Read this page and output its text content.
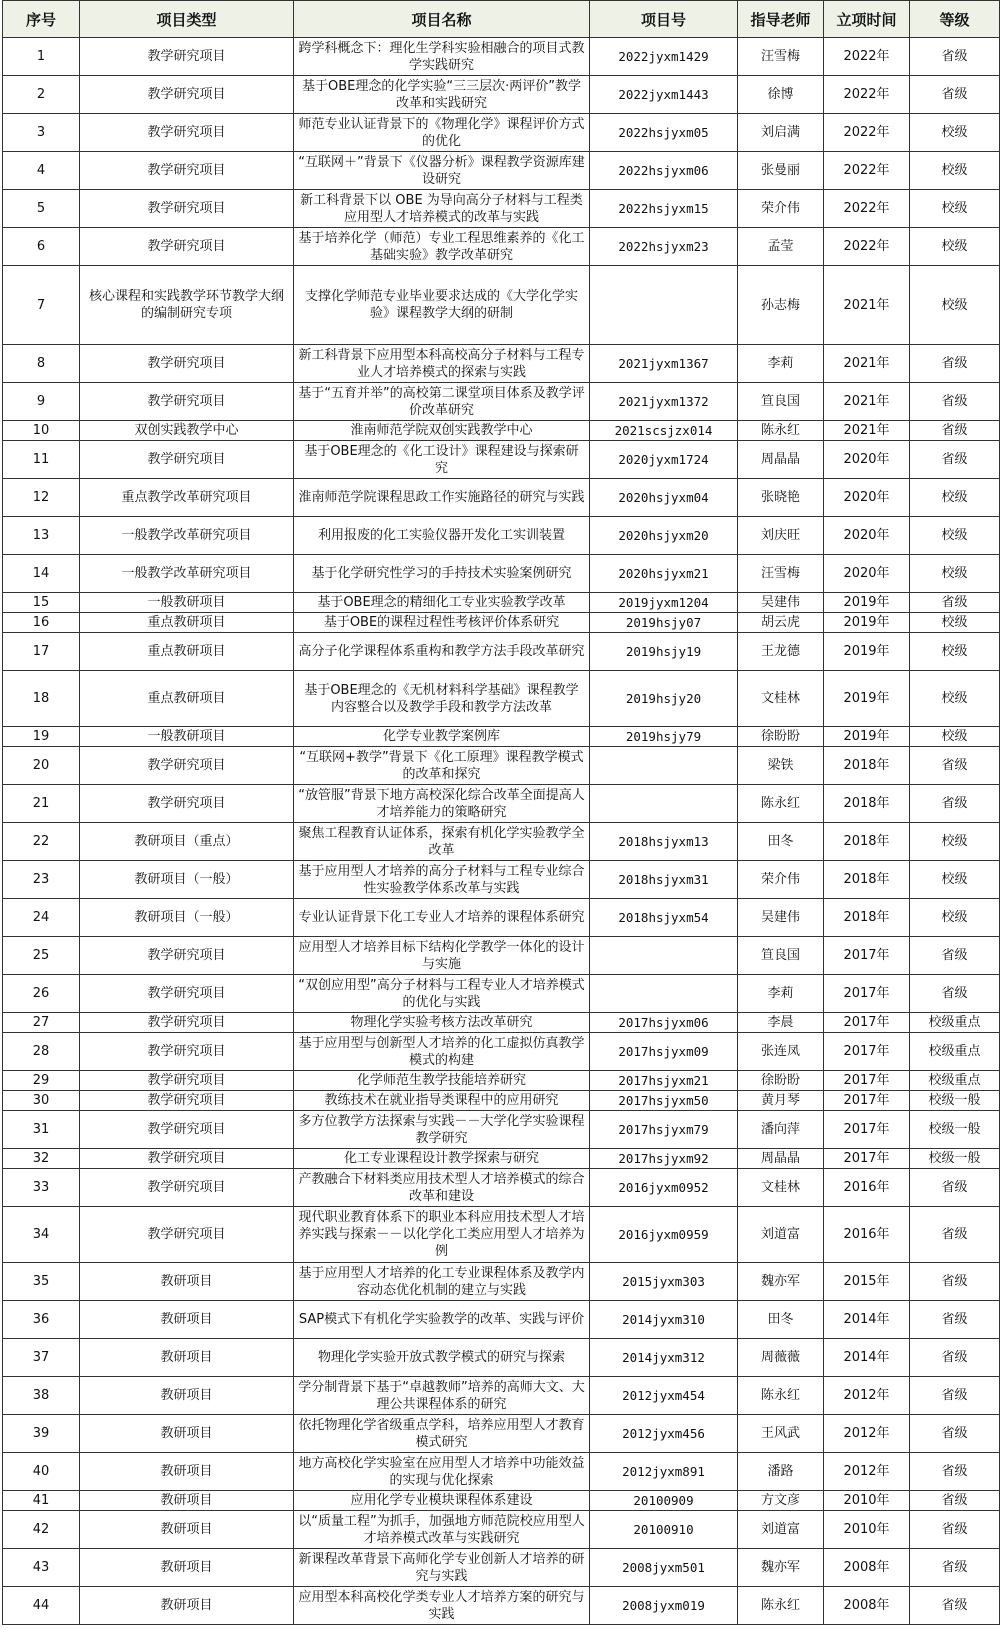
序号	项目类型	项目名称	项目号	指导老师	立项时间	等级
1	教学研究项目	跨学科概念下：理化生学科实验相融合的项目式教学实践研究	2022jyxm1429	汪雪梅	2022年	省级
2	教学研究项目	基于OBE理念的化学实验“三三层次·两评价”教学改革和实践研究	2022jyxm1443	徐博	2022年	省级
3	教学研究项目	师范专业认证背景下的《物理化学》课程评价方式的优化	2022hsjyxm05	刘启满	2022年	校级
4	教学研究项目	“互联网＋”背景下《仪器分析》课程教学资源库建设研究	2022hsjyxm06	张曼丽	2022年	校级
5	教学研究项目	新工科背景下以 OBE 为导向高分子材料与工程类应用型人才培养模式的改革与实践	2022hsjyxm15	荣介伟	2022年	校级
6	教学研究项目	基于培养化学（师范）专业工程思维素养的《化工基础实验》教学改革研究	2022hsjyxm23	孟莹	2022年	校级
7	核心课程和实践教学环节教学大纲的编制研究专项	支撑化学师范专业毕业要求达成的《大学化学实验》课程教学大纲的研制		孙志梅	2021年	校级
8	教学研究项目	新工科背景下应用型本科高校高分子材料与工程专业人才培养模式的探索与实践	2021jyxm1367	李莉	2021年	省级
9	教学研究项目	基于“五育并举”的高校第二课堂项目体系及教学评价改革研究	2021jyxm1372	笪良国	2021年	省级
10	双创实践教学中心	淮南师范学院双创实践教学中心	2021scsjzx014	陈永红	2021年	省级
11	教学研究项目	基于OBE理念的《化工设计》课程建设与探索研究	2020jyxm1724	周晶晶	2020年	省级
12	重点教学改革研究项目	淮南师范学院课程思政工作实施路径的研究与实践	2020hsjyxm04	张晓艳	2020年	校级
13	一般教学改革研究项目	利用报废的化工实验仪器开发化工实训装置	2020hsjyxm20	刘庆旺	2020年	校级
14	一般教学改革研究项目	基于化学研究性学习的手持技术实验案例研究	2020hsjyxm21	汪雪梅	2020年	校级
15	一般教研项目	基于OBE理念的精细化工专业实验教学改革	2019jyxm1204	吴建伟	2019年	省级
16	重点教研项目	基于OBE的课程过程性考核评价体系研究	2019hsjy07	胡云虎	2019年	校级
17	重点教研项目	高分子化学课程体系重构和教学方法手段改革研究	2019hsjy19	王龙德	2019年	校级
18	重点教研项目	基于OBE理念的《无机材料科学基础》课程教学内容整合以及教学手段和教学方法改革	2019hsjy20	文桂林	2019年	校级
19	一般教研项目	化学专业教学案例库	2019hsjy79	徐盼盼	2019年	校级
20	教学研究项目	“互联网+教学”背景下《化工原理》课程教学模式的改革和探究		梁铁	2018年	省级
21	教学研究项目	“放管服”背景下地方高校深化综合改革全面提高人才培养能力的策略研究		陈永红	2018年	省级
22	教研项目（重点）	聚焦工程教育认证体系，探索有机化学实验教学全改革	2018hsjyxm13	田冬	2018年	校级
23	教研项目（一般）	基于应用型人才培养的高分子材料与工程专业综合性实验教学体系改革与实践	2018hsjyxm31	荣介伟	2018年	校级
24	教研项目（一般）	专业认证背景下化工专业人才培养的课程体系研究	2018hsjyxm54	吴建伟	2018年	校级
25	教学研究项目	应用型人才培养目标下结构化学教学一体化的设计与实施		笪良国	2017年	省级
26	教学研究项目	“双创应用型”高分子材料与工程专业人才培养模式的优化与实践		李莉	2017年	省级
27	教学研究项目	物理化学实验考核方法改革研究	2017hsjyxm06	李晨	2017年	校级重点
28	教学研究项目	基于应用型与创新型人才培养的化工虚拟仿真教学模式的构建	2017hsjyxm09	张连凤	2017年	校级重点
29	教学研究项目	化学师范生教学技能培养研究	2017hsjyxm21	徐盼盼	2017年	校级重点
30	教学研究项目	教练技术在就业指导类课程中的应用研究	2017hsjyxm50	黄月琴	2017年	校级一般
31	教学研究项目	多方位教学方法探索与实践－－大学化学实验课程教学研究	2017hsjyxm79	潘向萍	2017年	校级一般
32	教学研究项目	化工专业课程设计教学探索与研究	2017hsjyxm92	周晶晶	2017年	校级一般
33	教学研究项目	产教融合下材料类应用技术型人才培养模式的综合改革和建设	2016jyxm0952	文桂林	2016年	省级
34	教学研究项目	现代职业教育体系下的职业本科应用技术型人才培养实践与探索－－以化学化工类应用型人才培养为例	2016jyxm0959	刘道富	2016年	省级
35	教研项目	基于应用型人才培养的化工专业课程体系及教学内容动态优化机制的建立与实践	2015jyxm303	魏亦军	2015年	省级
36	教研项目	SAP模式下有机化学实验教学的改革、实践与评价	2014jyxm310	田冬	2014年	省级
37	教研项目	物理化学实验开放式教学模式的研究与探索	2014jyxm312	周薇薇	2014年	省级
38	教研项目	学分制背景下基于“卓越教师”培养的高师大文、大理公共课程体系的研究	2012jyxm454	陈永红	2012年	省级
39	教研项目	依托物理化学省级重点学科，培养应用型人才教育模式研究	2012jyxm456	王风武	2012年	省级
40	教研项目	地方高校化学实验室在应用型人才培养中功能效益的实现与优化探索	2012jyxm891	潘路	2012年	省级
41	教研项目	应用化学专业模块课程体系建设	20100909	方文彦	2010年	省级
42	教研项目	以“质量工程”为抓手，加强地方师范院校应用型人才培养模式改革与实践研究	20100910	刘道富	2010年	省级
43	教研项目	新课程改革背景下高师化学专业创新人才培养的研究与实践	2008jyxm501	魏亦军	2008年	省级
44	教研项目	应用型本科高校化学类专业人才培养方案的研究与实践	2008jyxm019	陈永红	2008年	省级
